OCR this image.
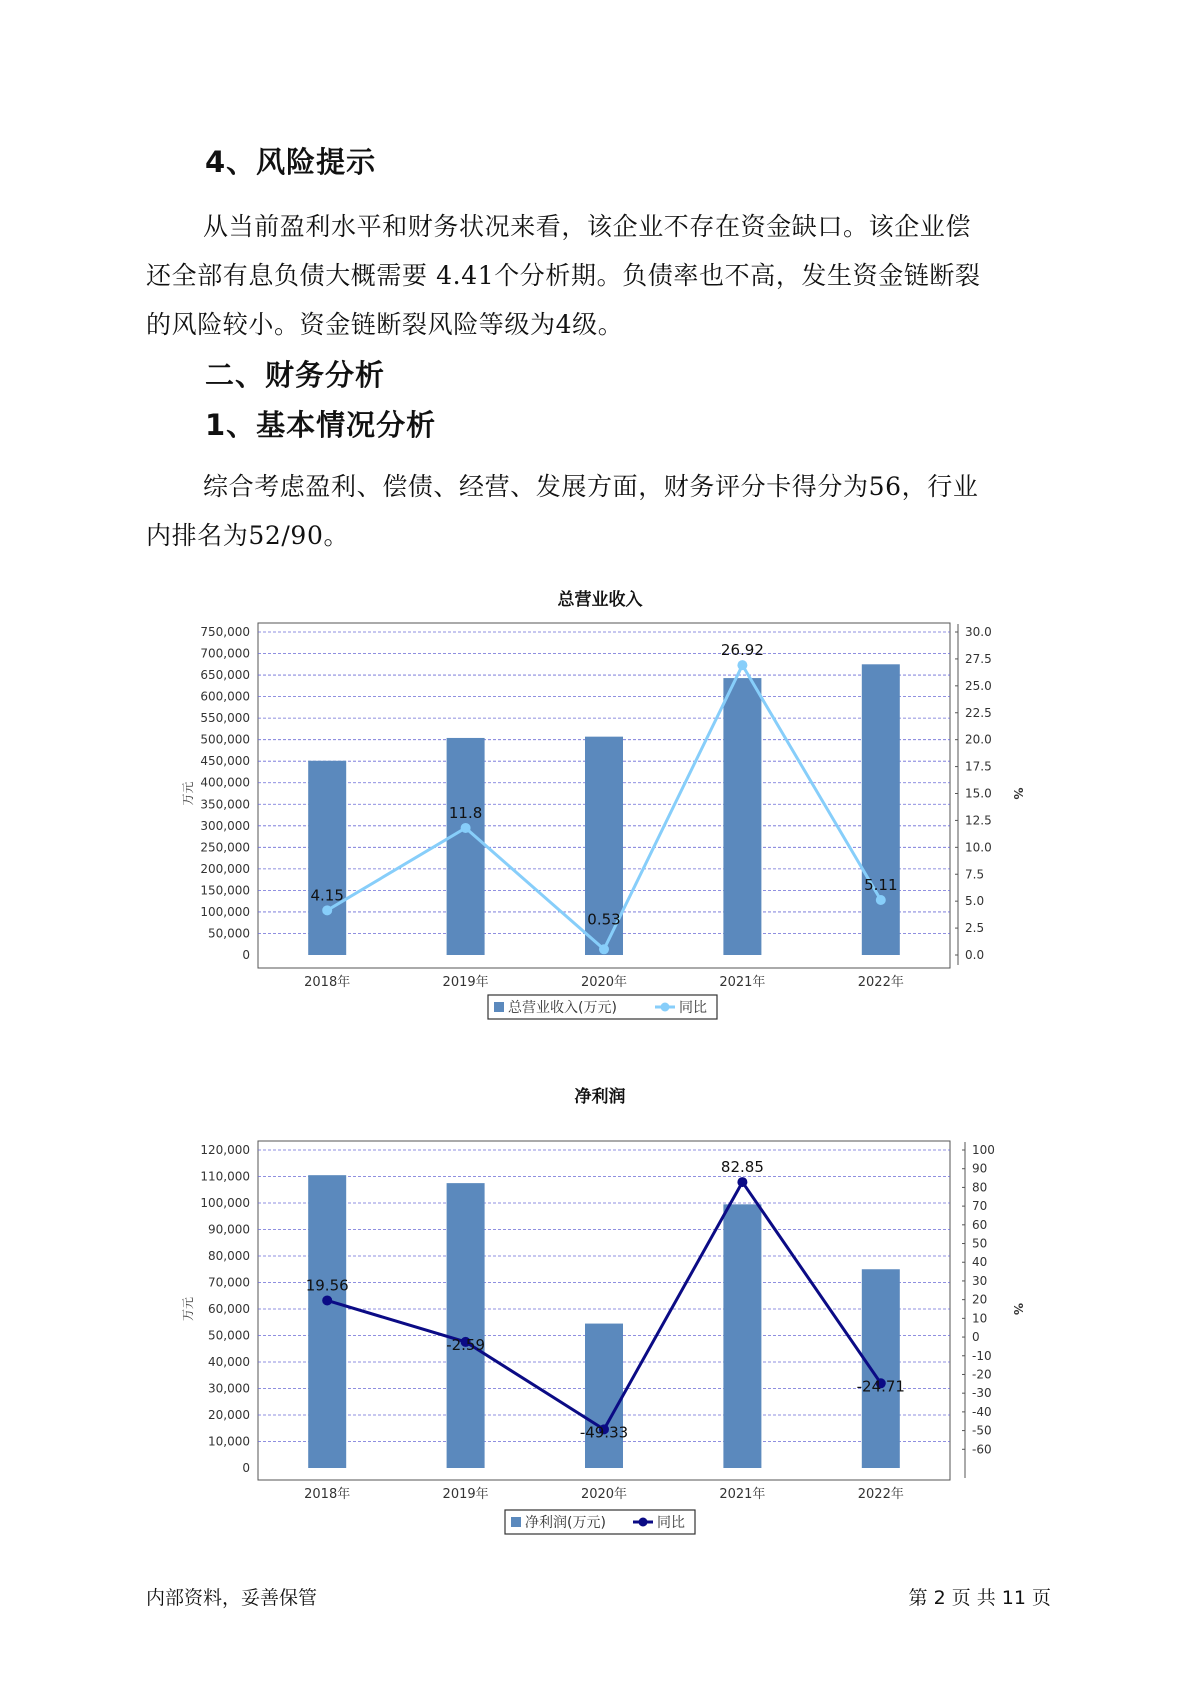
4、风险提示
从当前盈利水平和财务状况来看，该企业不存在资金缺口。该企业偿
还全部有息负债大概需要 4.41个分析期。负债率也不高，发生资金链断裂
的风险较小。资金链断裂风险等级为4级。
二、财务分析
1、基本情况分析
综合考虑盈利、偿债、经营、发展方面，财务评分卡得分为56，行业
内排名为52/90。
总营业收入
0
50,000
100,000
150,000
200,000
250,000
300,000
350,000
400,000
450,000
500,000
550,000
600,000
650,000
700,000
750,000
万元
0.0
2.5
5.0
7.5
10.0
12.5
15.0
17.5
20.0
22.5
25.0
27.5
30.0
%
2018年	2019年	2020年	2021年	2022年
4.15
11.8
0.53
26.92
5.11
总营业收入(万元)	同比
净利润
0
10,000
20,000
30,000
40,000
50,000
60,000
70,000
80,000
90,000
100,000
110,000
120,000
万元
-60
-50
-40
-30
-20
-10
0
10
20
30
40
50
60
70
80
90
100
%
2018年	2019年	2020年	2021年	2022年
19.56
-2.59
-49.33
82.85
-24.71
净利润(万元)	同比
内部资料，妥善保管	第 2 页 共 11 页
